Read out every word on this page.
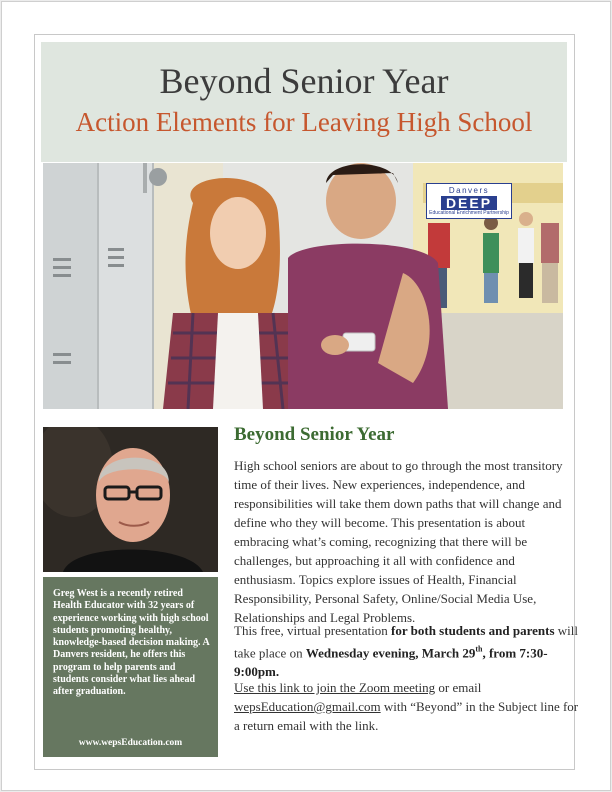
Beyond Senior Year
Action Elements for Leaving High School
Danvers
DEEP
Educational Enrichment Partnership

Greg West is a recently retired Health Educator with 32 years of experience working with high school students promoting healthy, knowledge-based decision making. A Danvers resident, he offers this program to help parents and students consider what lies ahead after graduation.

www.wepsEducation.com
Beyond Senior Year
High school seniors are about to go through the most transitory time of their lives. New experiences, independence, and responsibilities will take them down paths that will change and define who they will become. This presentation is about embracing what’s coming, recognizing that there will be challenges, but approaching it all with confidence and enthusiasm. Topics explore issues of Health, Financial Responsibility, Personal Safety, Online/Social Media Use, Relationships and Legal Problems.
This free, virtual presentation for both students and parents will take place on Wednesday evening, March 29th, from 7:30-9:00pm.
Use this link to join the Zoom meeting or email wepsEducation@gmail.com with “Beyond” in the Subject line for a return email with the link.
